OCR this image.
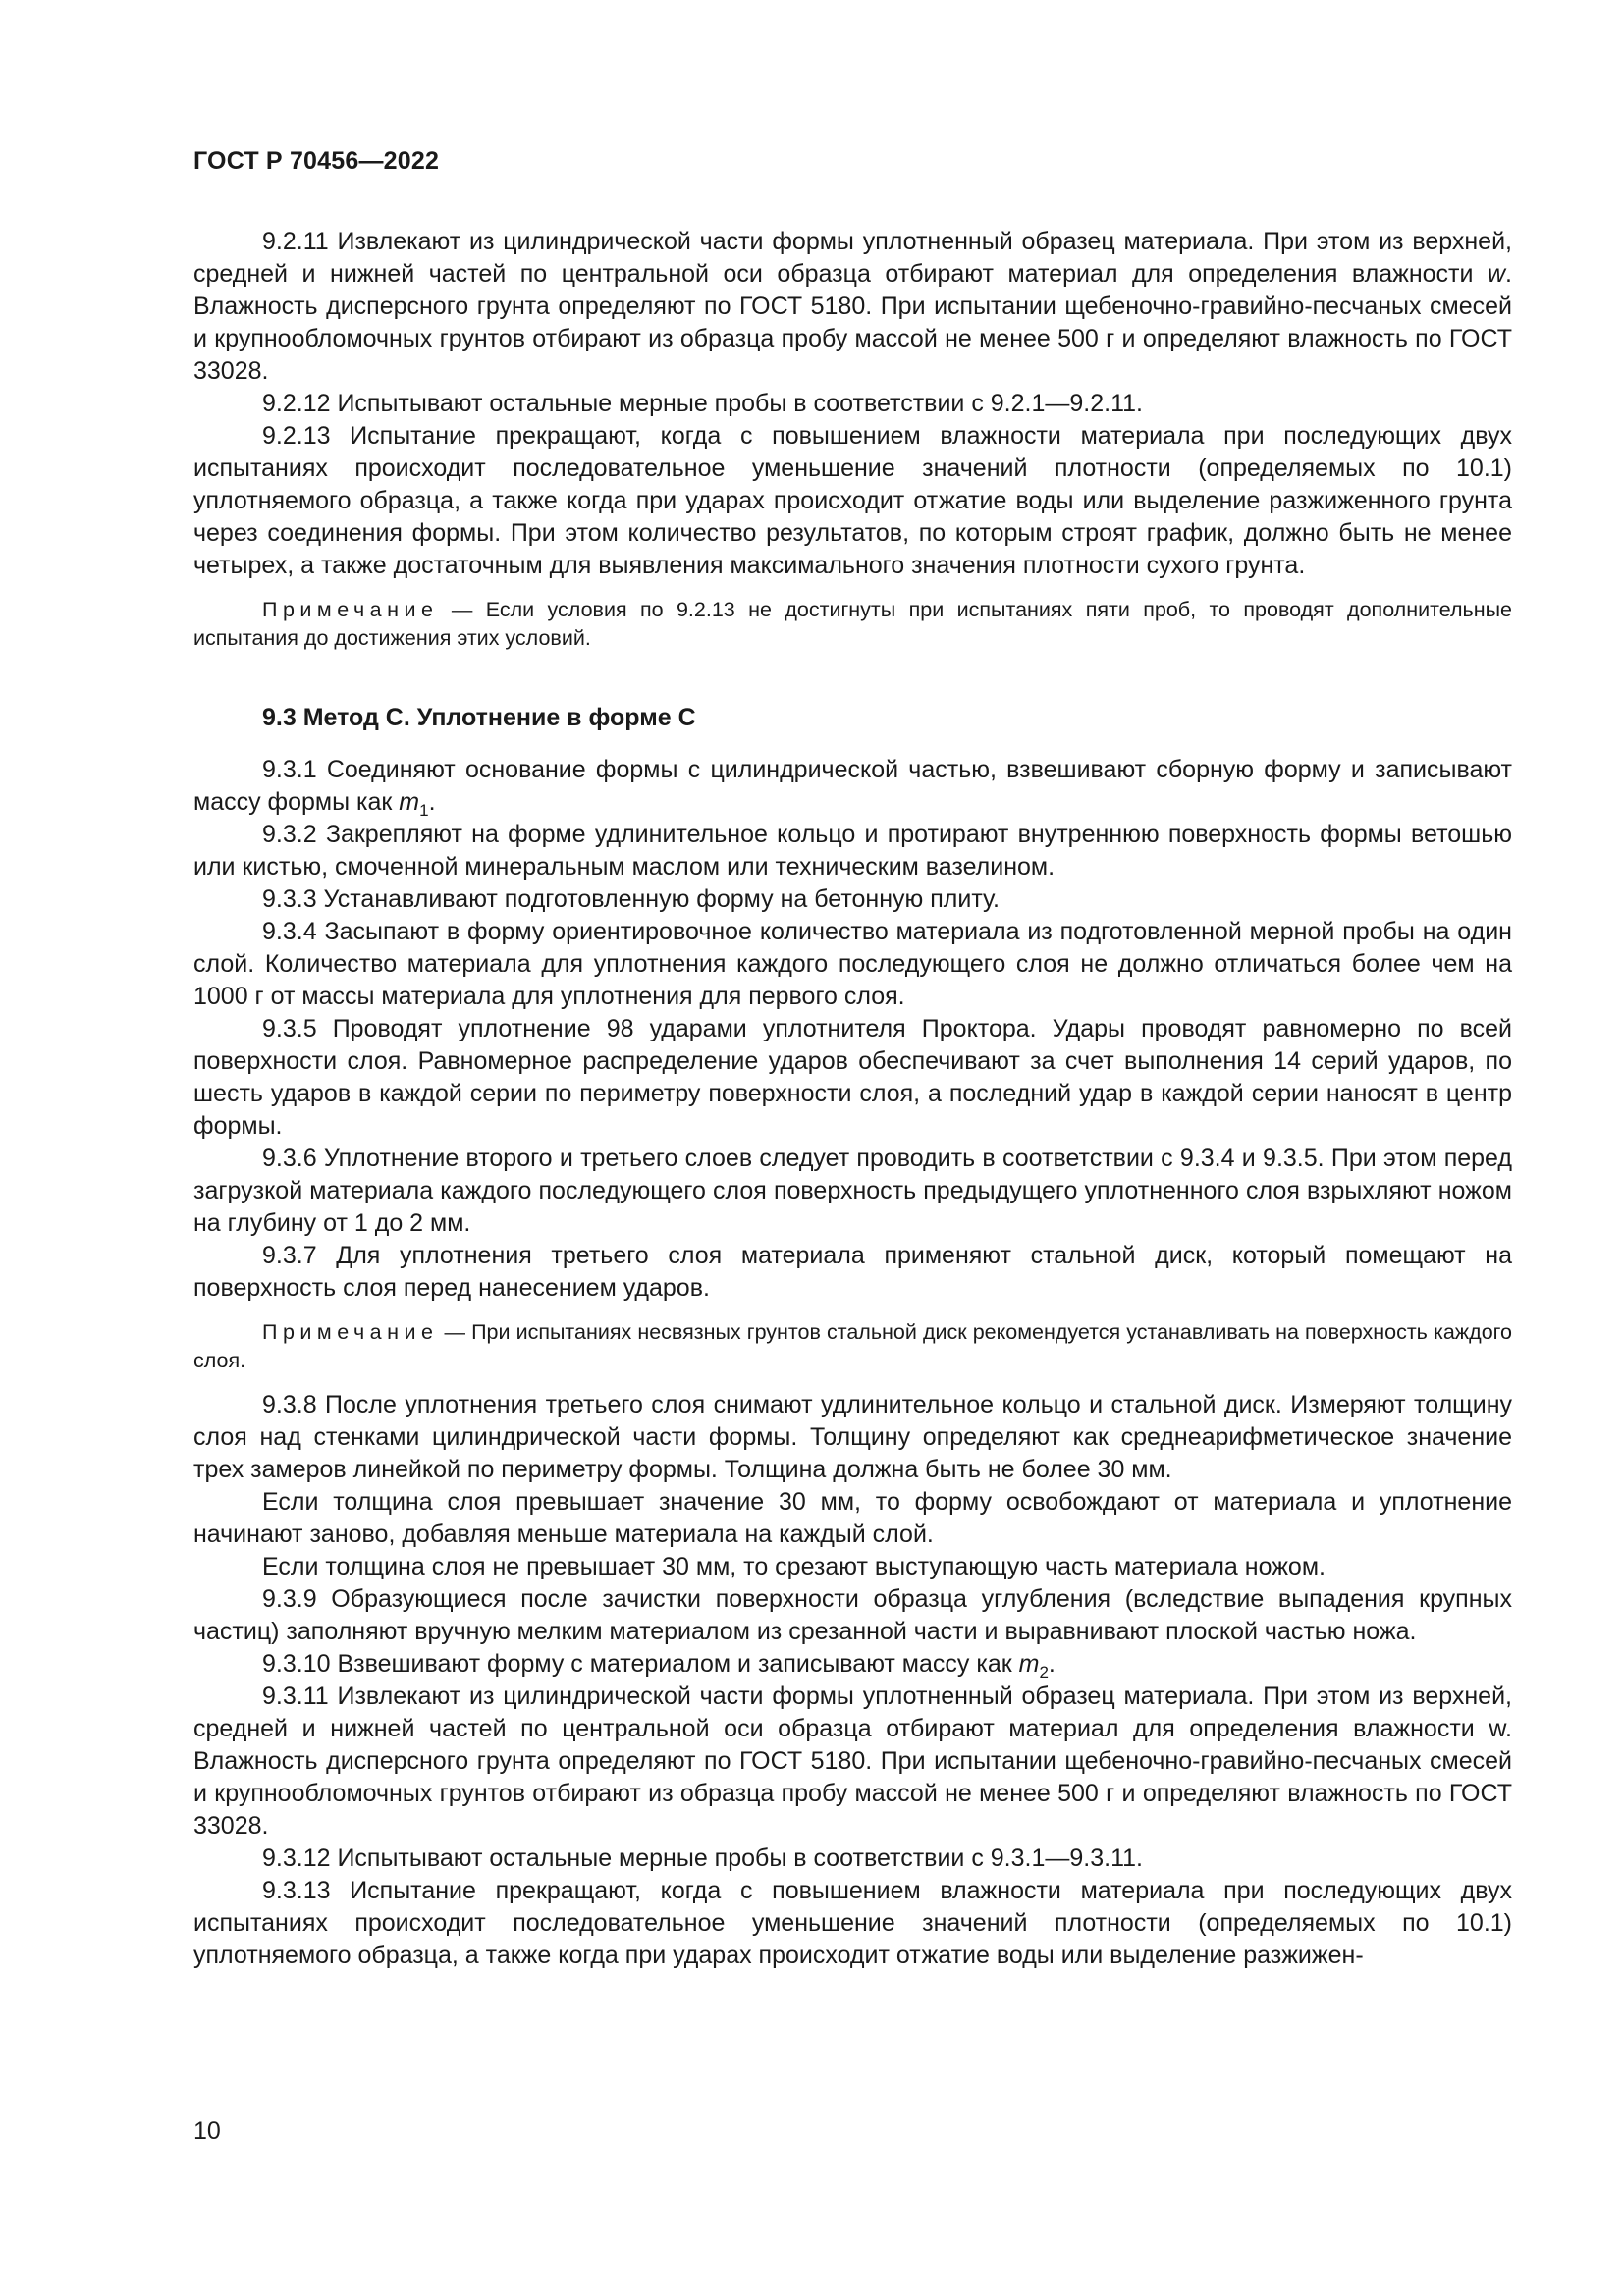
ГОСТ Р 70456—2022

9.2.11 Извлекают из цилиндрической части формы уплотненный образец материала. При этом из верхней, средней и нижней частей по центральной оси образца отбирают материал для определения влажности w. Влажность дисперсного грунта определяют по ГОСТ 5180. При испытании щебеночно-гравийно-песчаных смесей и крупнообломочных грунтов отбирают из образца пробу массой не менее 500 г и определяют влажность по ГОСТ 33028.

9.2.12 Испытывают остальные мерные пробы в соответствии с 9.2.1—9.2.11.

9.2.13 Испытание прекращают, когда с повышением влажности материала при последующих двух испытаниях происходит последовательное уменьшение значений плотности (определяемых по 10.1) уплотняемого образца, а также когда при ударах происходит отжатие воды или выделение разжиженного грунта через соединения формы. При этом количество результатов, по которым строят график, должно быть не менее четырех, а также достаточным для выявления максимального значения плотности сухого грунта.

Примечание — Если условия по 9.2.13 не достигнуты при испытаниях пяти проб, то проводят дополнительные испытания до достижения этих условий.

9.3 Метод С. Уплотнение в форме С

9.3.1 Соединяют основание формы с цилиндрической частью, взвешивают сборную форму и записывают массу формы как $m_1$.

9.3.2 Закрепляют на форме удлинительное кольцо и протирают внутреннюю поверхность формы ветошью или кистью, смоченной минеральным маслом или техническим вазелином.

9.3.3 Устанавливают подготовленную форму на бетонную плиту.

9.3.4 Засыпают в форму ориентировочное количество материала из подготовленной мерной пробы на один слой. Количество материала для уплотнения каждого последующего слоя не должно отличаться более чем на 1000 г от массы материала для уплотнения для первого слоя.

9.3.5 Проводят уплотнение 98 ударами уплотнителя Проктора. Удары проводят равномерно по всей поверхности слоя. Равномерное распределение ударов обеспечивают за счет выполнения 14 серий ударов, по шесть ударов в каждой серии по периметру поверхности слоя, а последний удар в каждой серии наносят в центр формы.

9.3.6 Уплотнение второго и третьего слоев следует проводить в соответствии с 9.3.4 и 9.3.5. При этом перед загрузкой материала каждого последующего слоя поверхность предыдущего уплотненного слоя взрыхляют ножом на глубину от 1 до 2 мм.

9.3.7 Для уплотнения третьего слоя материала применяют стальной диск, который помещают на поверхность слоя перед нанесением ударов.

Примечание — При испытаниях несвязных грунтов стальной диск рекомендуется устанавливать на поверхность каждого слоя.

9.3.8 После уплотнения третьего слоя снимают удлинительное кольцо и стальной диск. Измеряют толщину слоя над стенками цилиндрической части формы. Толщину определяют как среднеарифметическое значение трех замеров линейкой по периметру формы. Толщина должна быть не более 30 мм.

Если толщина слоя превышает значение 30 мм, то форму освобождают от материала и уплотнение начинают заново, добавляя меньше материала на каждый слой.

Если толщина слоя не превышает 30 мм, то срезают выступающую часть материала ножом.

9.3.9 Образующиеся после зачистки поверхности образца углубления (вследствие выпадения крупных частиц) заполняют вручную мелким материалом из срезанной части и выравнивают плоской частью ножа.

9.3.10 Взвешивают форму с материалом и записывают массу как $m_2$.

9.3.11 Извлекают из цилиндрической части формы уплотненный образец материала. При этом из верхней, средней и нижней частей по центральной оси образца отбирают материал для определения влажности w. Влажность дисперсного грунта определяют по ГОСТ 5180. При испытании щебеночно-гравийно-песчаных смесей и крупнообломочных грунтов отбирают из образца пробу массой не менее 500 г и определяют влажность по ГОСТ 33028.

9.3.12 Испытывают остальные мерные пробы в соответствии с 9.3.1—9.3.11.

9.3.13 Испытание прекращают, когда с повышением влажности материала при последующих двух испытаниях происходит последовательное уменьшение значений плотности (определяемых по 10.1) уплотняемого образца, а также когда при ударах происходит отжатие воды или выделение разжижен-

10
